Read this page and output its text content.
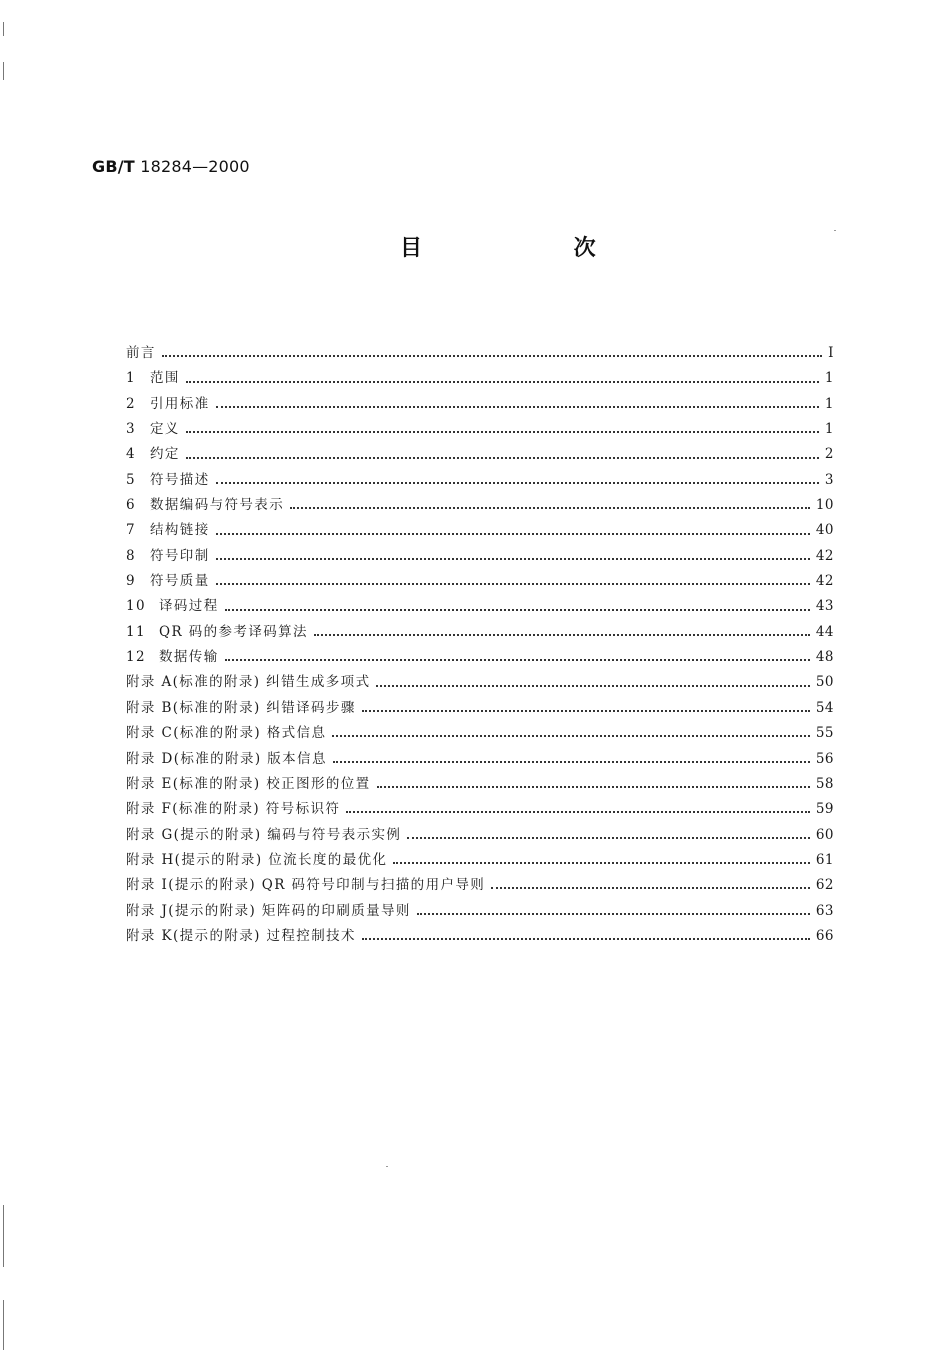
GB/T 18284—2000
目 次
前言	I
1	范围	1
2	引用标准	1
3	定义	1
4	约定	2
5	符号描述	3
6	数据编码与符号表示	10
7	结构链接	40
8	符号印制	42
9	符号质量	42
10 译码过程	43
11 QR 码的参考译码算法	44
12 数据传输	48
附录 A(标准的附录) 纠错生成多项式	50
附录 B(标准的附录) 纠错译码步骤	54
附录 C(标准的附录) 格式信息	55
附录 D(标准的附录) 版本信息	56
附录 E(标准的附录) 校正图形的位置	58
附录 F(标准的附录) 符号标识符	59
附录 G(提示的附录) 编码与符号表示实例	60
附录 H(提示的附录) 位流长度的最优化	61
附录 I(提示的附录) QR 码符号印制与扫描的用户导则	62
附录 J(提示的附录) 矩阵码的印刷质量导则	63
附录 K(提示的附录) 过程控制技术	66
